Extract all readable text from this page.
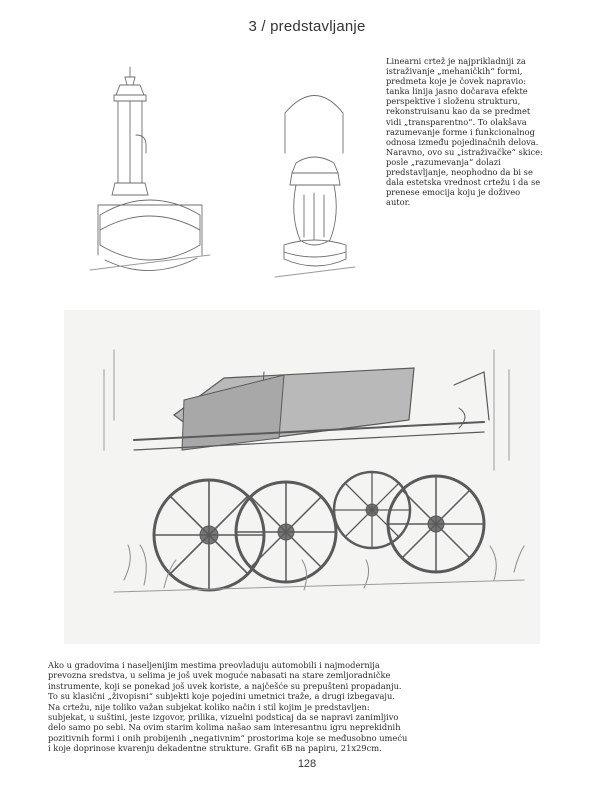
3 / predstavljanje

Linearni crtež je najprikladniji za istraživanje „mehaničkih“ formi, predmeta koje je čovek napravio: tanka linija jasno dočarava efekte perspektive i složenu strukturu, rekonstruisanu kao da se predmet vidi „transparentno“. To olakšava razumevanje forme i funkcionalnog odnosa između pojedinačnih delova. Naravno, ovo su „istraživačke“ skice: posle „razumevanja“ dolazi predstavljanje, neophodno da bi se dala estetska vrednost crtežu i da se prenese emocija koju je doživeo autor.

Ako u gradovima i naseljenijim mestima preovladuju automobili i najmodernija prevozna sredstva, u selima je još uvek moguće nabasati na stare zemljoradničke instrumente, koji se ponekad još uvek koriste, a najčešće su prepušteni propadanju. To su klasični „živopisni“ subjekti koje pojedini umetnici traže, a drugi izbegavaju. Na crtežu, nije toliko važan subjekat koliko način i stil kojim je predstavljen: subjekat, u suštini, jeste izgovor, prilika, vizuelni podsticaj da se napravi zanimljivo delo samo po sebi. Na ovim starim kolima našao sam interesantnu igru neprekidnih pozitivnih formi i onih probijenih „negativnim“ prostorima koje se međusobno umeću i koje doprinose kvarenju dekadentne strukture. Grafit 6B na papiru, 21x29cm.

128
